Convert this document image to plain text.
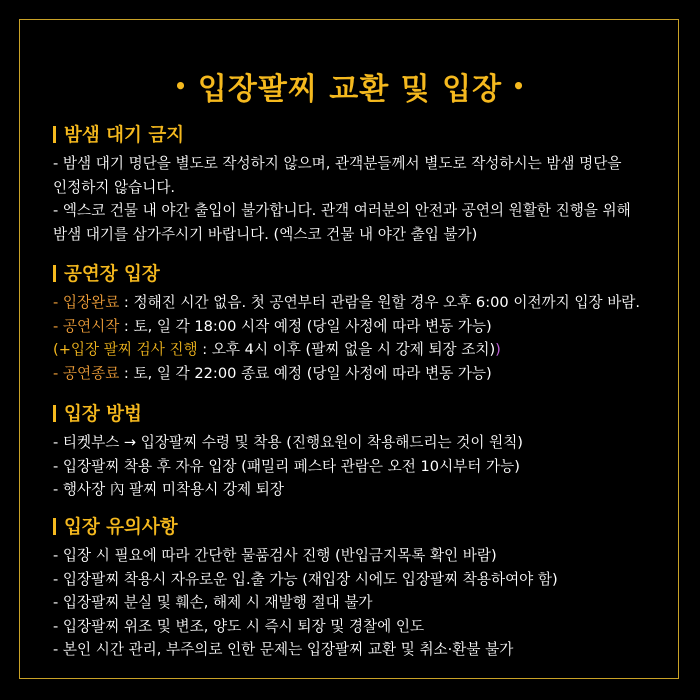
• 입장팔찌 교환 및 입장 •
밤샘 대기 금지
- 밤샘 대기 명단을 별도로 작성하지 않으며, 관객분들께서 별도로 작성하시는 밤샘 명단을
인정하지 않습니다.
- 엑스코 건물 내 야간 출입이 불가합니다. 관객 여러분의 안전과 공연의 원활한 진행을 위해
밤샘 대기를 삼가주시기 바랍니다. (엑스코 건물 내 야간 출입 불가)
공연장 입장
- 입장완료 : 정해진 시간 없음. 첫 공연부터 관람을 원할 경우 오후 6:00 이전까지 입장 바람.
- 공연시작 : 토, 일 각 18:00 시작 예정 (당일 사정에 따라 변동 가능)
(+입장 팔찌 검사 진행 : 오후 4시 이후 (팔찌 없을 시 강제 퇴장 조치))
- 공연종료 : 토, 일 각 22:00 종료 예정 (당일 사정에 따라 변동 가능)
입장 방법
- 티켓부스 → 입장팔찌 수령 및 착용 (진행요원이 착용해드리는 것이 원칙)
- 입장팔찌 착용 후 자유 입장 (패밀리 페스타 관람은 오전 10시부터 가능)
- 행사장 內 팔찌 미착용시 강제 퇴장
입장 유의사항
- 입장 시 필요에 따라 간단한 물품검사 진행 (반입금지목록 확인 바람)
- 입장팔찌 착용시 자유로운 입.출 가능 (재입장 시에도 입장팔찌 착용하여야 함)
- 입장팔찌 분실 및 훼손, 해제 시 재발행 절대 불가
- 입장팔찌 위조 및 변조, 양도 시 즉시 퇴장 및 경찰에 인도
- 본인 시간 관리, 부주의로 인한 문제는 입장팔찌 교환 및 취소·환불 불가
